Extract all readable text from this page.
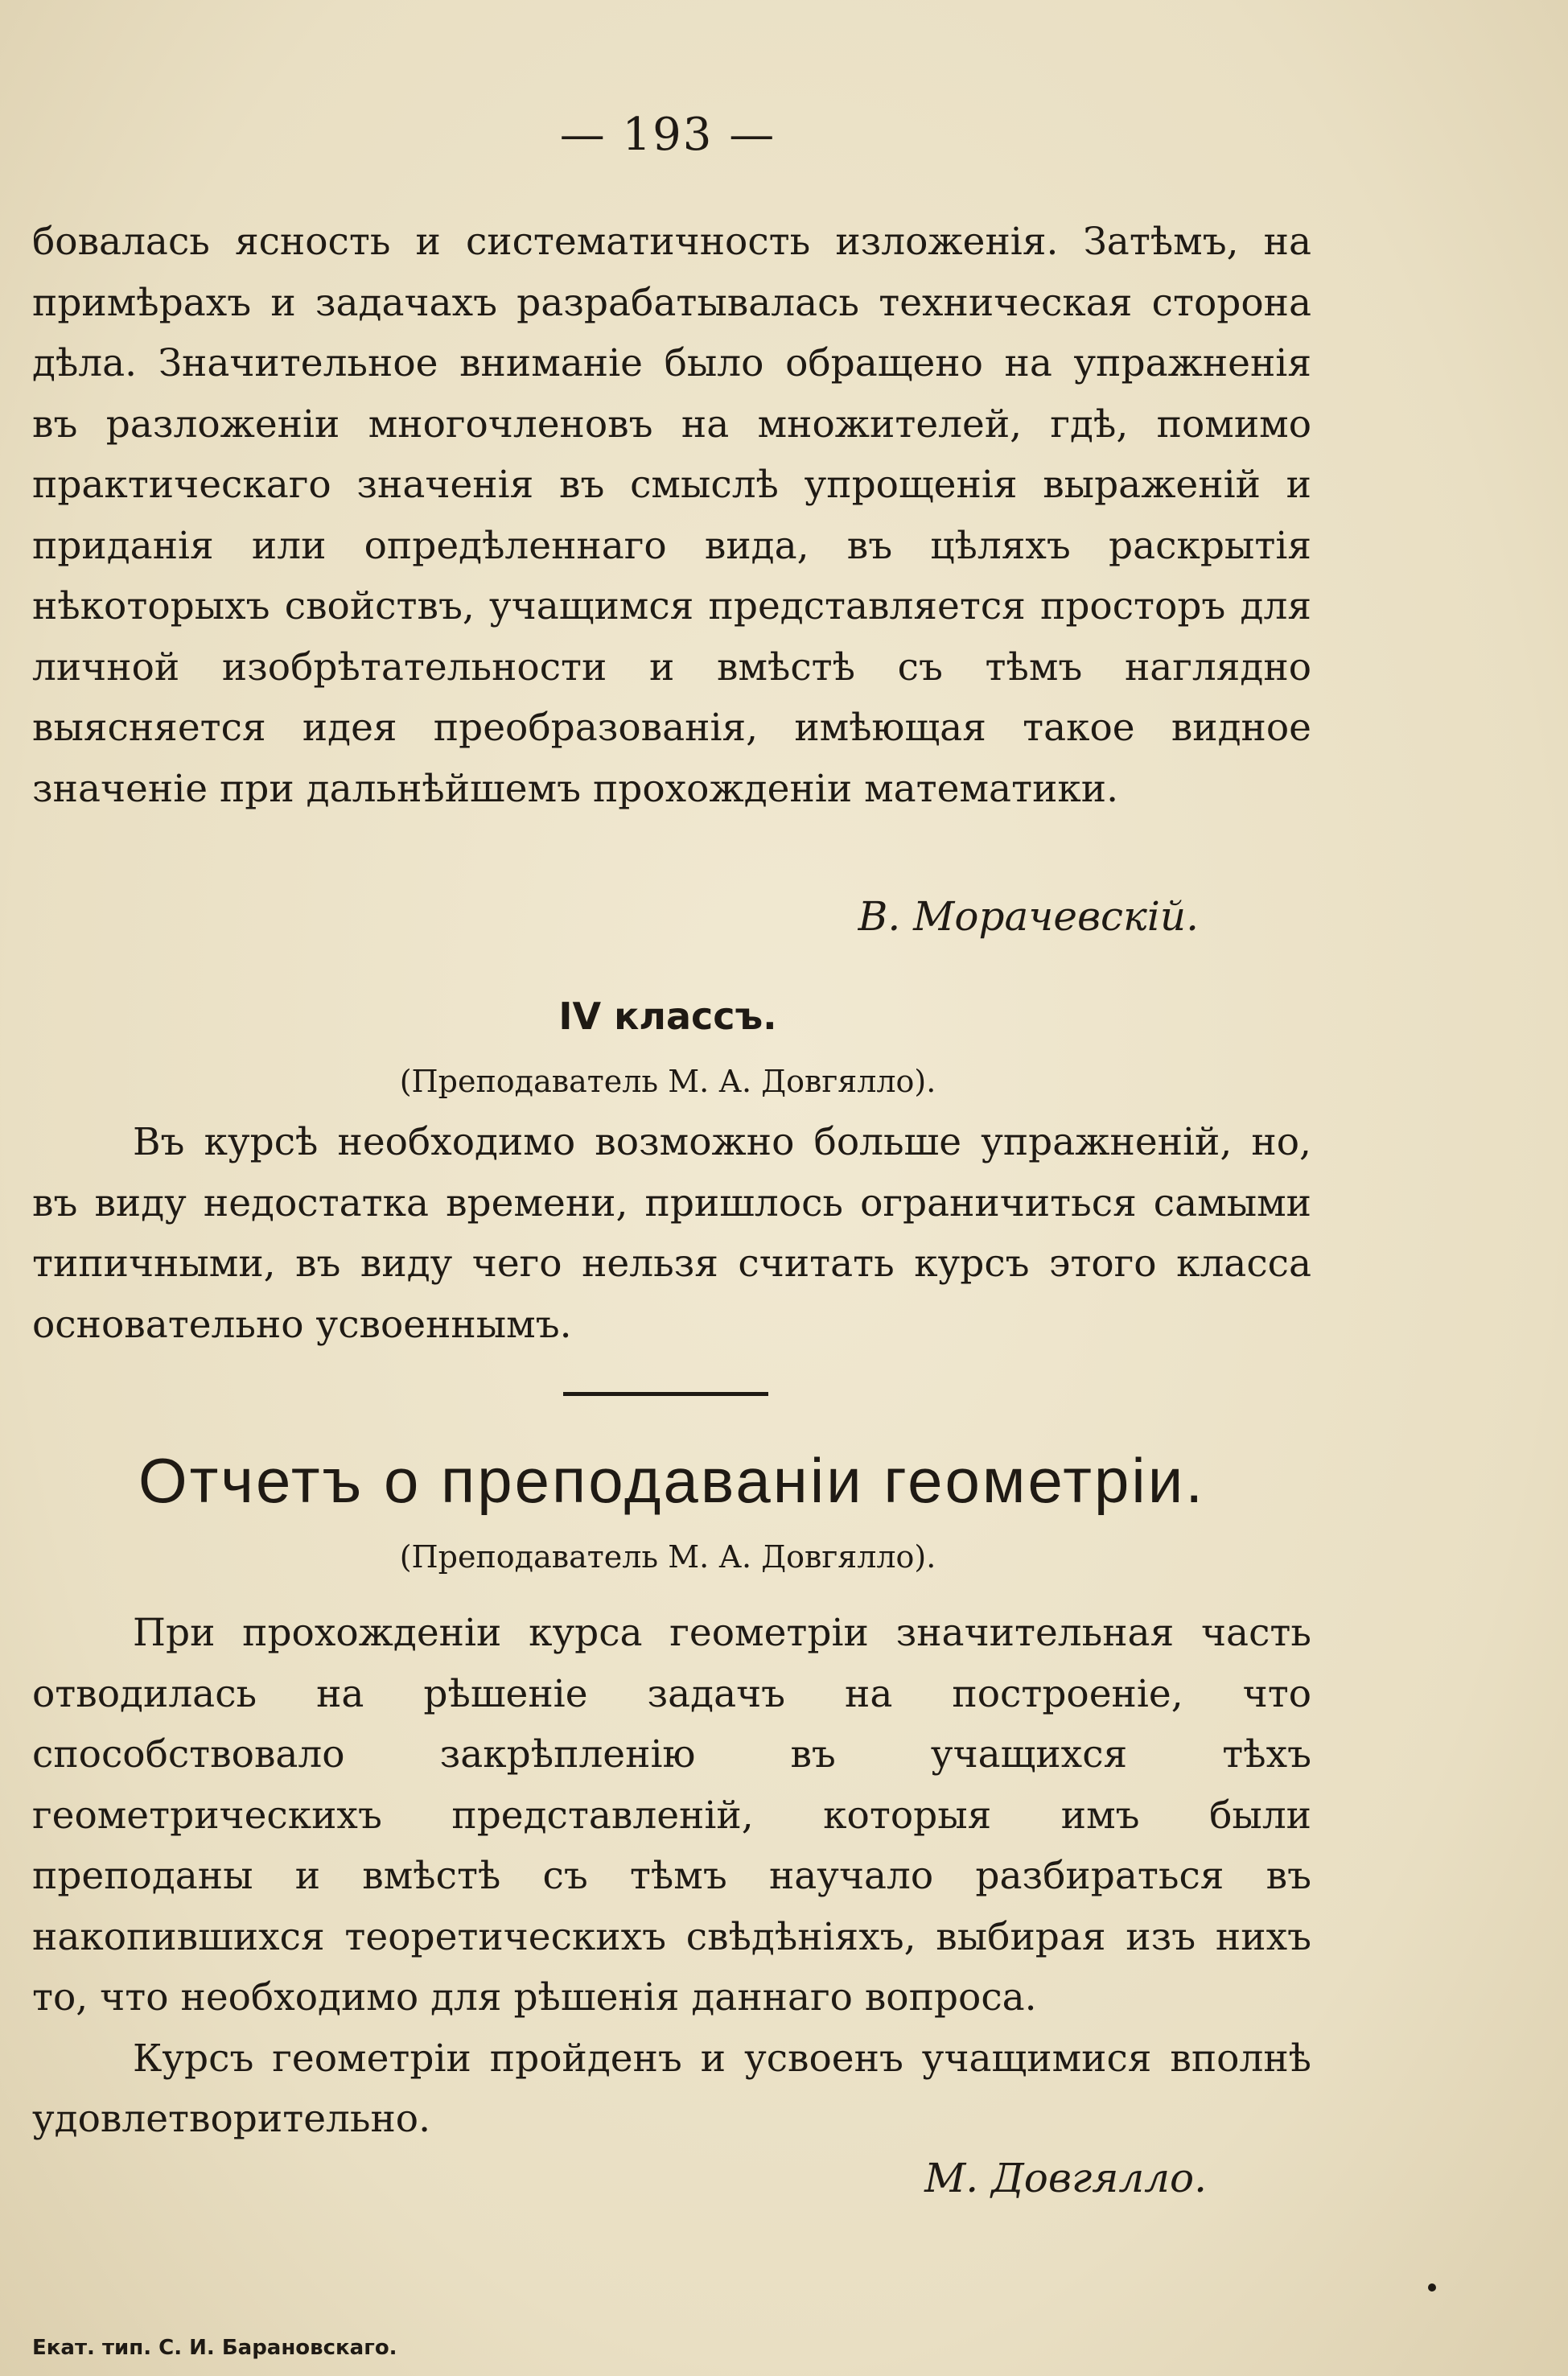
— 193 —

бовалась ясность и систематичность изложенія. Затѣмъ, на примѣрахъ и задачахъ разрабатывалась техническая сторона дѣла. Значительное вниманіе было обращено на упражненія въ разложеніи многочленовъ на множителей, гдѣ, помимо практическаго значенія въ смыслѣ упрощенія выраженій и приданія или опредѣленнаго вида, въ цѣляхъ раскрытія нѣкоторыхъ свойствъ, учащимся представляется просторъ для личной изобрѣтательности и вмѣстѣ съ тѣмъ наглядно выясняется идея преобразованія, имѣющая такое видное значеніе при дальнѣйшемъ прохожденіи математики.

В. Морачевскій.
IV классъ.
(Преподаватель М. А. Довгялло).

Въ курсѣ необходимо возможно больше упражненій, но, въ виду недостатка времени, пришлось ограничиться самыми типичными, въ виду чего нельзя считать курсъ этого класса основательно усвоеннымъ.

Отчетъ о преподаваніи геометріи.
(Преподаватель М. А. Довгялло).

При прохожденіи курса геометріи значительная часть отводилась на рѣшеніе задачъ на построеніе, что способствовало закрѣпленію въ учащихся тѣхъ геометрическихъ представленій, которыя имъ были преподаны и вмѣстѣ съ тѣмъ научало разбираться въ накопившихся теоретическихъ свѣдѣніяхъ, выбирая изъ нихъ то, что необходимо для рѣшенія даннаго вопроса.

Курсъ геометріи пройденъ и усвоенъ учащимися вполнѣ удовлетворительно.

М. Довгялло.
Екат. тип. С. И. Барановскаго.
